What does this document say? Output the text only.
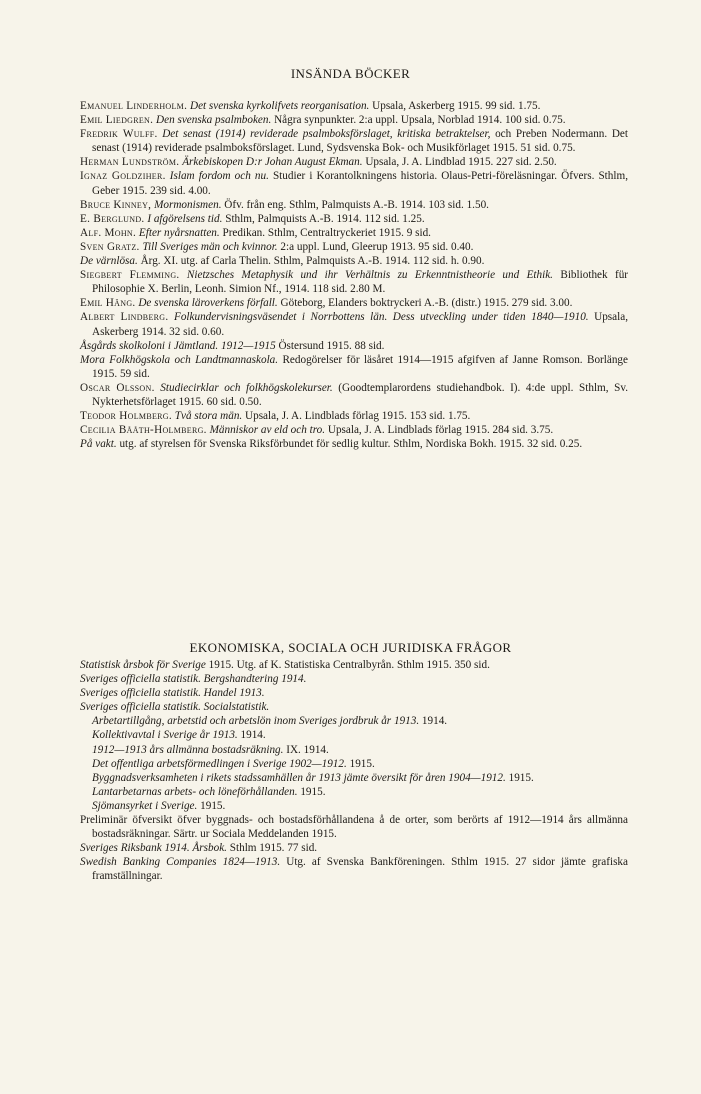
INSÄNDA BÖCKER

Emanuel Linderholm. Det svenska kyrkolifvets reorganisation. Upsala, Askerberg 1915. 99 sid. 1.75.

Emil Liedgren. Den svenska psalmboken. Några synpunkter. 2:a uppl. Upsala, Norblad 1914. 100 sid. 0.75.

Fredrik Wulff. Det senast (1914) reviderade psalmboksförslaget, kritiska betraktelser, och Preben Nodermann. Det senast (1914) reviderade psalmboksförslaget. Lund, Sydsvenska Bok- och Musikförlaget 1915. 51 sid. 0.75.

Herman Lundström. Ärkebiskopen D:r Johan August Ekman. Upsala, J. A. Lindblad 1915. 227 sid. 2.50.

Ignaz Goldziher. Islam fordom och nu. Studier i Korantolkningens historia. Olaus-Petri-föreläsningar. Öfvers. Sthlm, Geber 1915. 239 sid. 4.00.

Bruce Kinney, Mormonismen. Öfv. från eng. Sthlm, Palmquists A.-B. 1914. 103 sid. 1.50.

E. Berglund. I afgörelsens tid. Sthlm, Palmquists A.-B. 1914. 112 sid. 1.25.

Alf. Mohn. Efter nyårsnatten. Predikan. Sthlm, Centraltryckeriet 1915. 9 sid.

Sven Gratz. Till Sveriges män och kvinnor. 2:a uppl. Lund, Gleerup 1913. 95 sid. 0.40.

De värnlösa. Årg. XI. utg. af Carla Thelin. Sthlm, Palmquists A.-B. 1914. 112 sid. h. 0.90.

Siegbert Flemming. Nietzsches Metaphysik und ihr Verhältnis zu Erkenntnistheorie und Ethik. Bibliothek für Philosophie X. Berlin, Leonh. Simion Nf., 1914. 118 sid. 2.80 M.

Emil Häng. De svenska läroverkens förfall. Göteborg, Elanders boktryckeri A.-B. (distr.) 1915. 279 sid. 3.00.

Albert Lindberg. Folkundervisningsväsendet i Norrbottens län. Dess utveckling under tiden 1840—1910. Upsala, Askerberg 1914. 32 sid. 0.60.

Åsgårds skolkoloni i Jämtland. 1912—1915 Östersund 1915. 88 sid.

Mora Folkhögskola och Landtmannaskola. Redogörelser för läsåret 1914—1915 afgifven af Janne Romson. Borlänge 1915. 59 sid.

Oscar Olsson. Studiecirklar och folkhögskolekurser. (Goodtemplarordens studiehandbok. I). 4:de uppl. Sthlm, Sv. Nykterhetsförlaget 1915. 60 sid. 0.50.

Teodor Holmberg. Två stora män. Upsala, J. A. Lindblads förlag 1915. 153 sid. 1.75.

Cecilia Bååth-Holmberg. Människor av eld och tro. Upsala, J. A. Lindblads förlag 1915. 284 sid. 3.75.

På vakt. utg. af styrelsen för Svenska Riksförbundet för sedlig kultur. Sthlm, Nordiska Bokh. 1915. 32 sid. 0.25.

EKONOMISKA, SOCIALA OCH JURIDISKA FRÅGOR

Statistisk årsbok för Sverige 1915. Utg. af K. Statistiska Centralbyrån. Sthlm 1915. 350 sid.

Sveriges officiella statistik. Bergshandtering 1914.

Sveriges officiella statistik. Handel 1913.

Sveriges officiella statistik. Socialstatistik.

Arbetartillgång, arbetstid och arbetslön inom Sveriges jordbruk år 1913. 1914.

Kollektivavtal i Sverige år 1913. 1914.

1912—1913 års allmänna bostadsräkning. IX. 1914.

Det offentliga arbetsförmedlingen i Sverige 1902—1912. 1915.

Byggnadsverksamheten i rikets stadssamhällen år 1913 jämte översikt för åren 1904—1912. 1915.

Lantarbetarnas arbets- och löneförhållanden. 1915.

Sjömansyrket i Sverige. 1915.

Preliminär öfversikt öfver byggnads- och bostadsförhållandena å de orter, som berörts af 1912—1914 års allmänna bostadsräkningar. Särtr. ur Sociala Meddelanden 1915.

Sveriges Riksbank 1914. Årsbok. Sthlm 1915. 77 sid.

Swedish Banking Companies 1824—1913. Utg. af Svenska Bankföreningen. Sthlm 1915. 27 sidor jämte grafiska framställningar.
